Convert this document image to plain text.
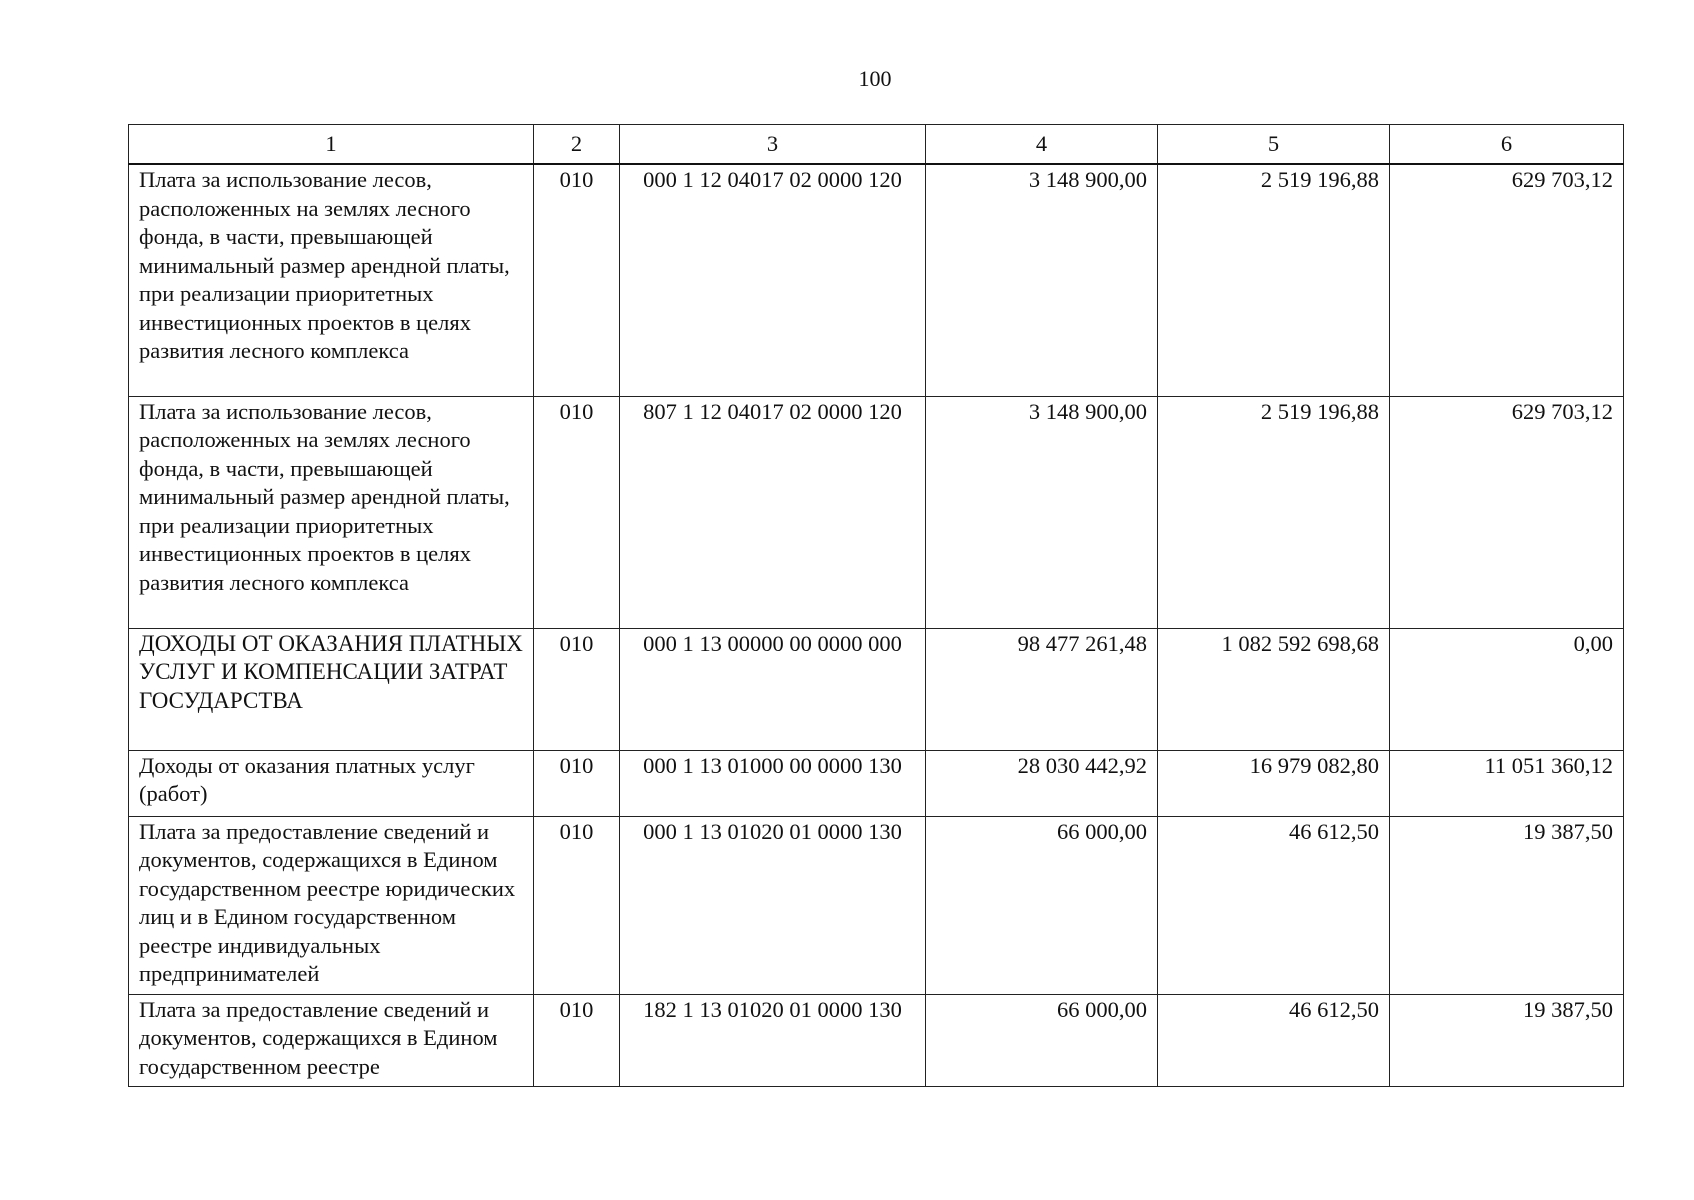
100
1	2	3	4	5	6
Плата за использование лесов, расположенных на землях лесного фонда, в части, превышающей минимальный размер арендной платы, при реализации приоритетных инвестиционных проектов в целях развития лесного комплекса	010	000 1 12 04017 02 0000 120	3 148 900,00	2 519 196,88	629 703,12
Плата за использование лесов, расположенных на землях лесного фонда, в части, превышающей минимальный размер арендной платы, при реализации приоритетных инвестиционных проектов в целях развития лесного комплекса	010	807 1 12 04017 02 0000 120	3 148 900,00	2 519 196,88	629 703,12
ДОХОДЫ ОТ ОКАЗАНИЯ ПЛАТНЫХ УСЛУГ И КОМПЕНСАЦИИ ЗАТРАТ ГОСУДАРСТВА	010	000 1 13 00000 00 0000 000	98 477 261,48	1 082 592 698,68	0,00
Доходы от оказания платных услуг (работ)	010	000 1 13 01000 00 0000 130	28 030 442,92	16 979 082,80	11 051 360,12
Плата за предоставление сведений и документов, содержащихся в Едином государственном реестре юридических лиц и в Едином государственном реестре индивидуальных предпринимателей	010	000 1 13 01020 01 0000 130	66 000,00	46 612,50	19 387,50
Плата за предоставление сведений и документов, содержащихся в Едином государственном реестре	010	182 1 13 01020 01 0000 130	66 000,00	46 612,50	19 387,50
